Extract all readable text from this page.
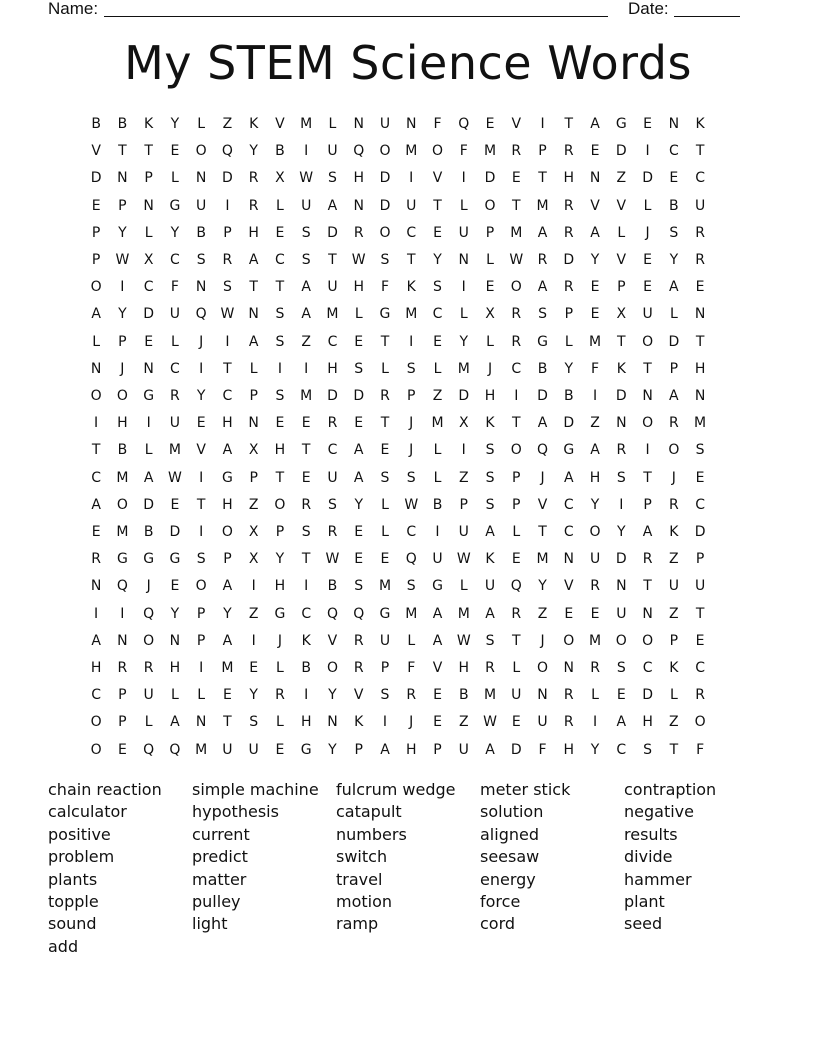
Name:	Date:
My STEM Science Words
B	B	K	Y	L	Z	K	V	M	L	N	U	N	F	Q	E	V	I	T	A	G	E	N	K
V	T	T	E	O	Q	Y	B	I	U	Q	O	M	O	F	M	R	P	R	E	D	I	C	T
D	N	P	L	N	D	R	X	W	S	H	D	I	V	I	D	E	T	H	N	Z	D	E	C
E	P	N	G	U	I	R	L	U	A	N	D	U	T	L	O	T	M	R	V	V	L	B	U
P	Y	L	Y	B	P	H	E	S	D	R	O	C	E	U	P	M	A	R	A	L	J	S	R
P	W	X	C	S	R	A	C	S	T	W	S	T	Y	N	L	W	R	D	Y	V	E	Y	R
O	I	C	F	N	S	T	T	A	U	H	F	K	S	I	E	O	A	R	E	P	E	A	E
A	Y	D	U	Q W	N	S	A	M	L	G	M	C	L	X	R	S	P	E	X	U	L	N
L	P	E	L	J	I	A	S	Z	C	E	T	I	E	Y	L	R	G	L	M	T	O	D	T
N	J	N	C	I	T	L	I	I	H	S	L	S	L	M	J	C	B	Y	F	K	T	P	H
O	O	G	R	Y	C	P	S	M	D	D	R	P	Z	D	H	I	D	B	I	D	N	A	N
I	H	I	U	E	H	N	E	E	R	E	T	J	M	X	K	T	A	D	Z	N	O	R	M
T	B	L	M	V	A	X	H	T	C	A	E	J	L	I	S	O	Q	G	A	R	I	O	S
C	M	A	W	I	G	P	T	E	U	A	S	S	L	Z	S	P	J	A	H	S	T	J	E
A	O	D	E	T	H	Z	O	R	S	Y	L	W	B	P	S	P	V	C	Y	I	P	R	C
E	M	B	D	I	O	X	P	S	R	E	L	C	I	U	A	L	T	C	O	Y	A	K	D
R	G	G	G	S	P	X	Y	T	W	E	E	Q	U	W	K	E	M	N	U	D	R	Z	P
N	Q	J	E	O	A	I	H	I	B	S	M	S	G	L	U	Q	Y	V	R	N	T	U	U
I	I	Q	Y	P	Y	Z	G	C	Q	Q	G	M	A	M	A	R	Z	E	E	U	N	Z	T
A	N	O	N	P	A	I	J	K	V	R	U	L	A	W	S	T	J	O	M	O	O	P	E
H	R	R	H	I	M	E	L	B	O	R	P	F	V	H	R	L	O	N	R	S	C	K	C
C	P	U	L	L	E	Y	R	I	Y	V	S	R	E	B	M	U	N	R	L	E	D	L	R
O	P	L	A	N	T	S	L	H	N	K	I	J	E	Z	W	E	U	R	I	A	H	Z	O
O	E	Q	Q	M	U	U	E	G	Y	P	A	H	P	U	A	D	F	H	Y	C	S	T	F
chain reaction
calculator
positive
problem
plants
topple
sound
add
simple machine
hypothesis
current
predict
matter
pulley
light
fulcrum wedge
catapult
numbers
switch
travel
motion
ramp
meter stick
solution
aligned
seesaw
energy
force
cord
contraption
negative
results
divide
hammer
plant
seed
